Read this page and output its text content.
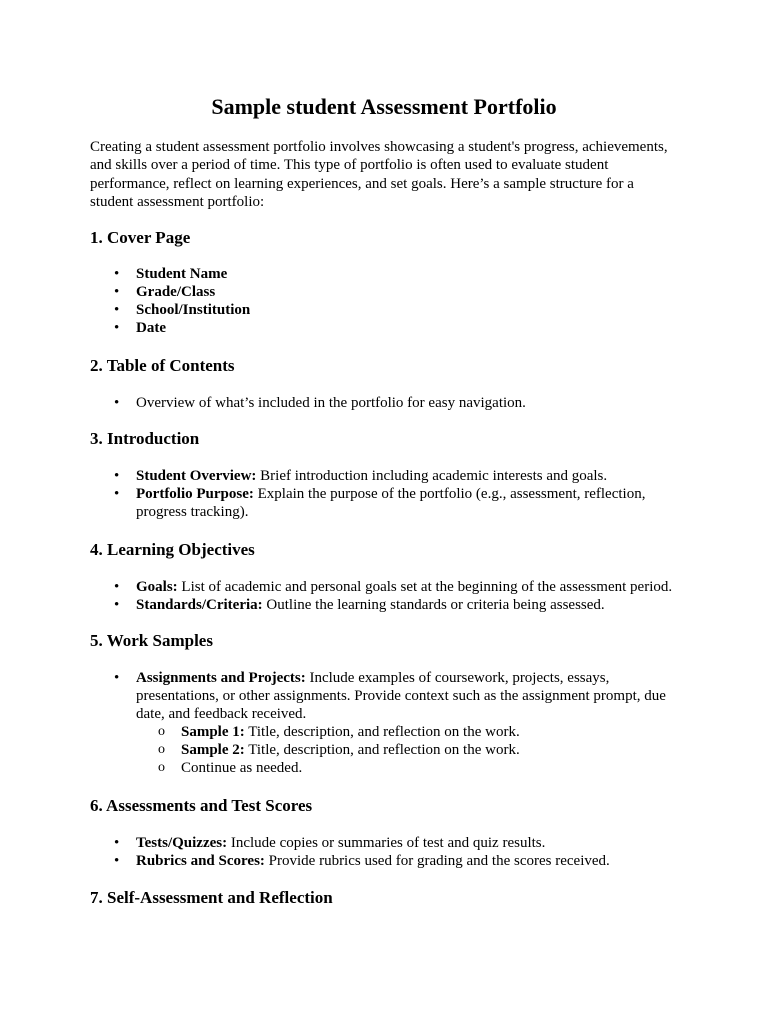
Sample student Assessment Portfolio

Creating a student assessment portfolio involves showcasing a student's progress, achievements, and skills over a period of time. This type of portfolio is often used to evaluate student performance, reflect on learning experiences, and set goals. Here’s a sample structure for a student assessment portfolio:

1. Cover Page
• Student Name
• Grade/Class
• School/Institution
• Date
2. Table of Contents
• Overview of what’s included in the portfolio for easy navigation.
3. Introduction
• Student Overview: Brief introduction including academic interests and goals.
• Portfolio Purpose: Explain the purpose of the portfolio (e.g., assessment, reflection, progress tracking).
4. Learning Objectives
• Goals: List of academic and personal goals set at the beginning of the assessment period.
• Standards/Criteria: Outline the learning standards or criteria being assessed.
5. Work Samples
• Assignments and Projects: Include examples of coursework, projects, essays, presentations, or other assignments. Provide context such as the assignment prompt, due date, and feedback received.
o Sample 1: Title, description, and reflection on the work.
o Sample 2: Title, description, and reflection on the work.
o Continue as needed.
6. Assessments and Test Scores
• Tests/Quizzes: Include copies or summaries of test and quiz results.
• Rubrics and Scores: Provide rubrics used for grading and the scores received.
7. Self-Assessment and Reflection
